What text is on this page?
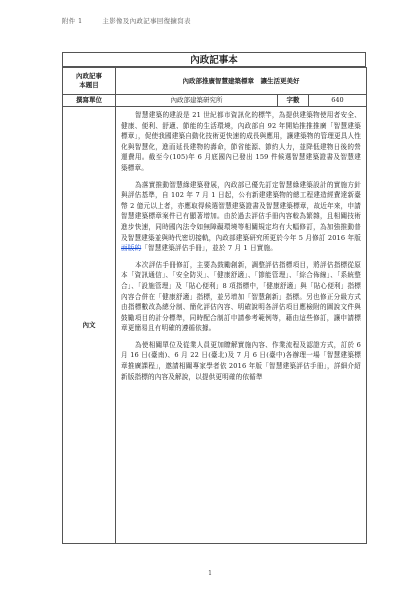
附件 1	主影像及內政記事回復擴寫表
內政記事本
內政記事
本題目	內政部推廣智慧建築標章　讓生活更美好		
撰寫單位	內政部建築研究所	字數	640
內文	智慧建築的建設是 21 世紀都市資訊化的標竿，為提供建築物使用者安全、健康、便利、舒適、節能的生活環境，內政部自 92 年開始推推推廣「智慧建築標章」，促使我國建築自動化技術更快速的成長與應用，讓建築物的管理更具人性化與智慧化，進而延長建物的壽命，節省能源、節約人力，並降低建物日後的營運費用。截至今(105)年 6 月底國內已發出 159 件候選智慧建築證書及智慧建築標章。

為落實推動智慧綠建築發展，內政部已優先訂定智慧綠建築設計的實施方針與評估基準，自 102 年 7 月 1 日起，公有新建建築物的總工程建造經費達新臺幣 2 億元以上者，亦應取得候選智慧建築證書及智慧建築標章，故近年來，申請智慧建築標章案件已有顯著增加。由於過去評估手冊內容較為繁雜，且相關技術進步快速，同時國內法令如無障礙環境等相關規定均有大幅修訂，為加強推動普及智慧建築並與時代密切接軌，內政部建築研究所更於今年 5 月修訂 2016 年版面版的「智慧建築評估手冊」，並於 7 月 1 日實施。

本次評估手冊修訂，主要為鼓勵創新，調整評估指標項目，將評估指標從原本「資訊通信」、「安全防災」、「健康舒適」、「節能管理」、「綜合佈線」、「系統整合」、「設施管理」及「貼心便利」8 項指標中，「健康舒適」與「貼心便利」指標內容合併在「健康舒適」指標，並另增加「智慧創新」指標。另也修正分級方式由指標數改為總分制、簡化評估內容、明確說明各評估項目應檢附的圖說文件與鼓勵項目的計分標準，同時配合制訂申請參考範例等，藉由這些修訂，讓申請標章更簡易且有明確的遵循依據。

為使相關單位及從業人員更加瞭解實施內容、作業流程及認證方式，訂於 6 月 16 日(臺南)、6 月 22 日(臺北)及 7 月 6 日(臺中)各辦理一場「智慧建築標章推廣課程」，邀請相關專家學者依 2016 年版「智慧建築評估手冊」，詳細介紹新版指標的內容及解說，以提供更明確的依循準		

1
